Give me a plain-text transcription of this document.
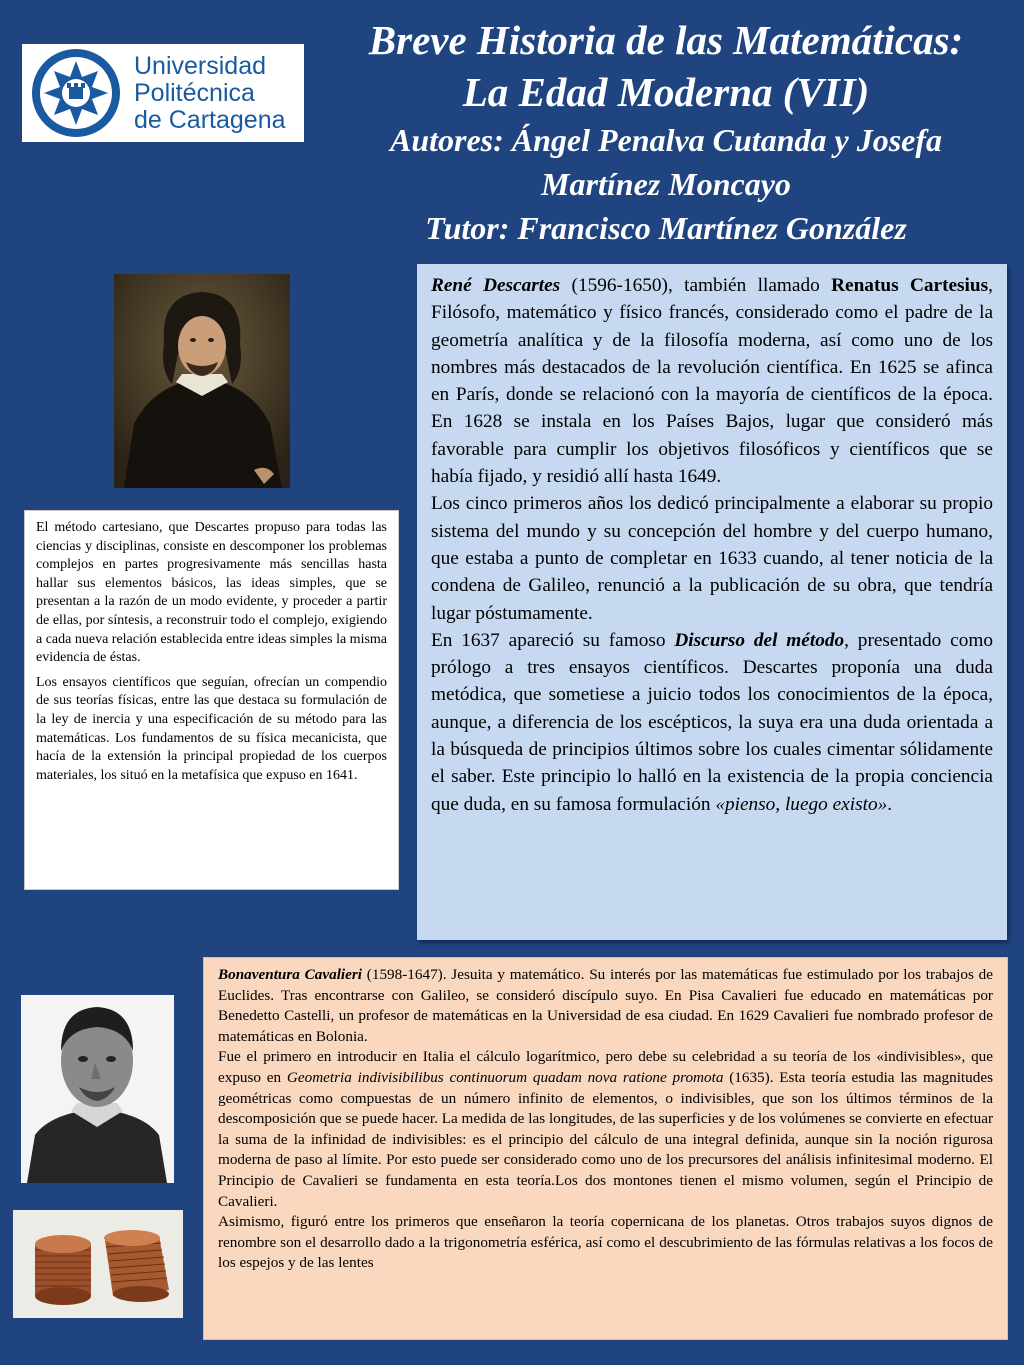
Universidad
Politécnica
de Cartagena
Breve Historia de las Matemáticas:
La Edad Moderna (VII)
Autores: Ángel Penalva Cutanda y Josefa
Martínez Moncayo
Tutor: Francisco Martínez González

El método cartesiano, que Descartes propuso para todas las ciencias y disciplinas, consiste en descomponer los problemas complejos en partes progresivamente más sencillas hasta hallar sus elementos básicos, las ideas simples, que se presentan a la razón de un modo evidente, y proceder a partir de ellas, por síntesis, a reconstruir todo el complejo, exigiendo a cada nueva relación establecida entre ideas simples la misma evidencia de éstas.

Los ensayos científicos que seguían, ofrecían un compendio de sus teorías físicas, entre las que destaca su formulación de la ley de inercia y una especificación de su método para las matemáticas. Los fundamentos de su física mecanicista, que hacía de la extensión la principal propiedad de los cuerpos materiales, los situó en la metafísica que expuso en 1641.

René Descartes (1596-1650), también llamado Renatus Cartesius, Filósofo, matemático y físico francés, considerado como el padre de la geometría analítica y de la filosofía moderna, así como uno de los nombres más destacados de la revolución científica. En 1625 se afinca en París, donde se relacionó con la mayoría de científicos de la época. En 1628 se instala en los Países Bajos, lugar que consideró más favorable para cumplir los objetivos filosóficos y científicos que se había fijado, y residió allí hasta 1649.

Los cinco primeros años los dedicó principalmente a elaborar su propio sistema del mundo y su concepción del hombre y del cuerpo humano, que estaba a punto de completar en 1633 cuando, al tener noticia de la condena de Galileo, renunció a la publicación de su obra, que tendría lugar póstumamente.

En 1637 apareció su famoso Discurso del método, presentado como prólogo a tres ensayos científicos. Descartes proponía una duda metódica, que sometiese a juicio todos los conocimientos de la época, aunque, a diferencia de los escépticos, la suya era una duda orientada a la búsqueda de principios últimos sobre los cuales cimentar sólidamente el saber. Este principio lo halló en la existencia de la propia conciencia que duda, en su famosa formulación «pienso, luego existo».

Bonaventura Cavalieri (1598-1647). Jesuita y matemático. Su interés por las matemáticas fue estimulado por los trabajos de Euclides. Tras encontrarse con Galileo, se consideró discípulo suyo. En Pisa Cavalieri fue educado en matemáticas por Benedetto Castelli, un profesor de matemáticas en la Universidad de esa ciudad. En 1629 Cavalieri fue nombrado profesor de matemáticas en Bolonia.

Fue el primero en introducir en Italia el cálculo logarítmico, pero debe su celebridad a su teoría de los «indivisibles», que expuso en Geometria indivisibilibus continuorum quadam nova ratione promota (1635). Esta teoría estudia las magnitudes geométricas como compuestas de un número infinito de elementos, o indivisibles, que son los últimos términos de la descomposición que se puede hacer. La medida de las longitudes, de las superficies y de los volúmenes se convierte en efectuar la suma de la infinidad de indivisibles: es el principio del cálculo de una integral definida, aunque sin la noción rigurosa moderna de paso al límite. Por esto puede ser considerado como uno de los precursores del análisis infinitesimal moderno. El Principio de Cavalieri se fundamenta en esta teoría.Los dos montones tienen el mismo volumen, según el Principio de Cavalieri.

Asimismo, figuró entre los primeros que enseñaron la teoría copernicana de los planetas. Otros trabajos suyos dignos de renombre son el desarrollo dado a la trigonometría esférica, así como el descubrimiento de las fórmulas relativas a los focos de los espejos y de las lentes
